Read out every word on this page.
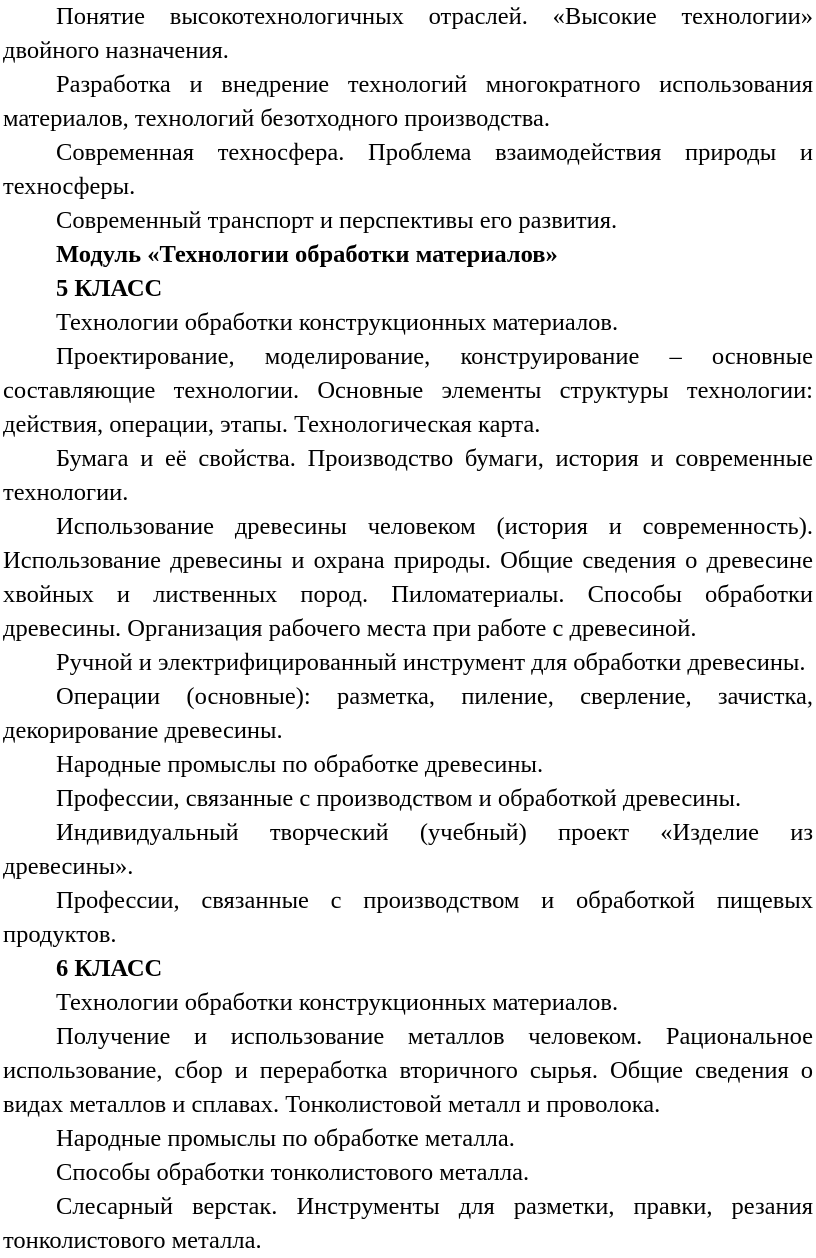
Понятие высокотехнологичных отраслей. «Высокие технологии» двойного назначения.

Разработка и внедрение технологий многократного использования материалов, технологий безотходного производства.

Современная техносфера. Проблема взаимодействия природы и техносферы.

Современный транспорт и перспективы его развития.

Модуль «Технологии обработки материалов»

5 КЛАСС

Технологии обработки конструкционных материалов.

Проектирование, моделирование, конструирование – основные составляющие технологии. Основные элементы структуры технологии: действия, операции, этапы. Технологическая карта.

Бумага и её свойства. Производство бумаги, история и современные технологии.

Использование древесины человеком (история и современность). Использование древесины и охрана природы. Общие сведения о древесине хвойных и лиственных пород. Пиломатериалы. Способы обработки древесины. Организация рабочего места при работе с древесиной.

Ручной и электрифицированный инструмент для обработки древесины.

Операции (основные): разметка, пиление, сверление, зачистка, декорирование древесины.

Народные промыслы по обработке древесины.

Профессии, связанные с производством и обработкой древесины.

Индивидуальный творческий (учебный) проект «Изделие из древесины».

Профессии, связанные с производством и обработкой пищевых продуктов.

6 КЛАСС

Технологии обработки конструкционных материалов.

Получение и использование металлов человеком. Рациональное использование, сбор и переработка вторичного сырья. Общие сведения о видах металлов и сплавах. Тонколистовой металл и проволока.

Народные промыслы по обработке металла.

Способы обработки тонколистового металла.

Слесарный верстак. Инструменты для разметки, правки, резания тонколистового металла.
